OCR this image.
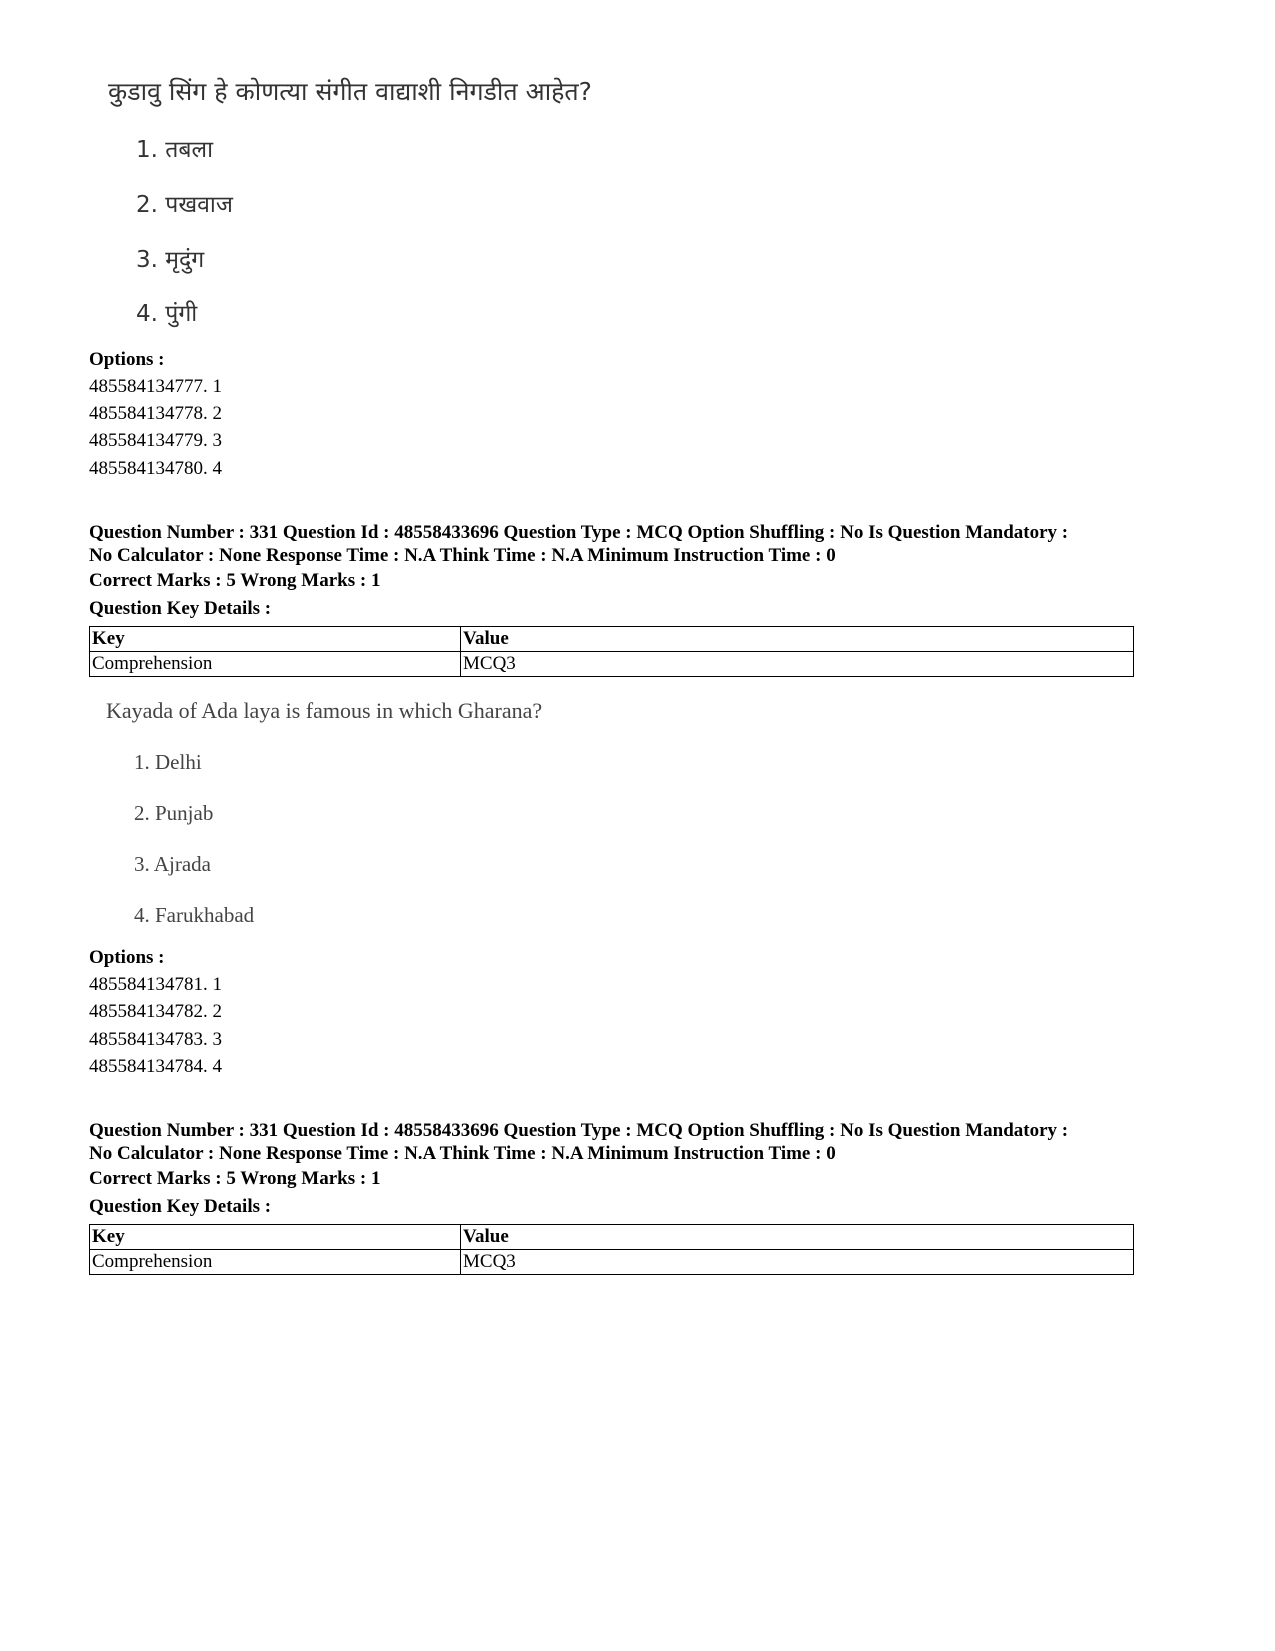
कुडावु सिंग हे कोणत्या संगीत वाद्याशी निगडीत आहेत?
1. तबला
2. पखवाज
3. मृदुंग
4. पुंगी
Options :
485584134777. 1
485584134778. 2
485584134779. 3
485584134780. 4
Question Number : 331 Question Id : 48558433696 Question Type : MCQ Option Shuffling : No Is Question Mandatory :
No Calculator : None Response Time : N.A Think Time : N.A Minimum Instruction Time : 0
Correct Marks : 5 Wrong Marks : 1
Question Key Details :
Key	Value
Comprehension	MCQ3
Kayada of Ada laya is famous in which Gharana?
1. Delhi
2. Punjab
3. Ajrada
4. Farukhabad
Options :
485584134781. 1
485584134782. 2
485584134783. 3
485584134784. 4
Question Number : 331 Question Id : 48558433696 Question Type : MCQ Option Shuffling : No Is Question Mandatory :
No Calculator : None Response Time : N.A Think Time : N.A Minimum Instruction Time : 0
Correct Marks : 5 Wrong Marks : 1
Question Key Details :
Key	Value
Comprehension	MCQ3
